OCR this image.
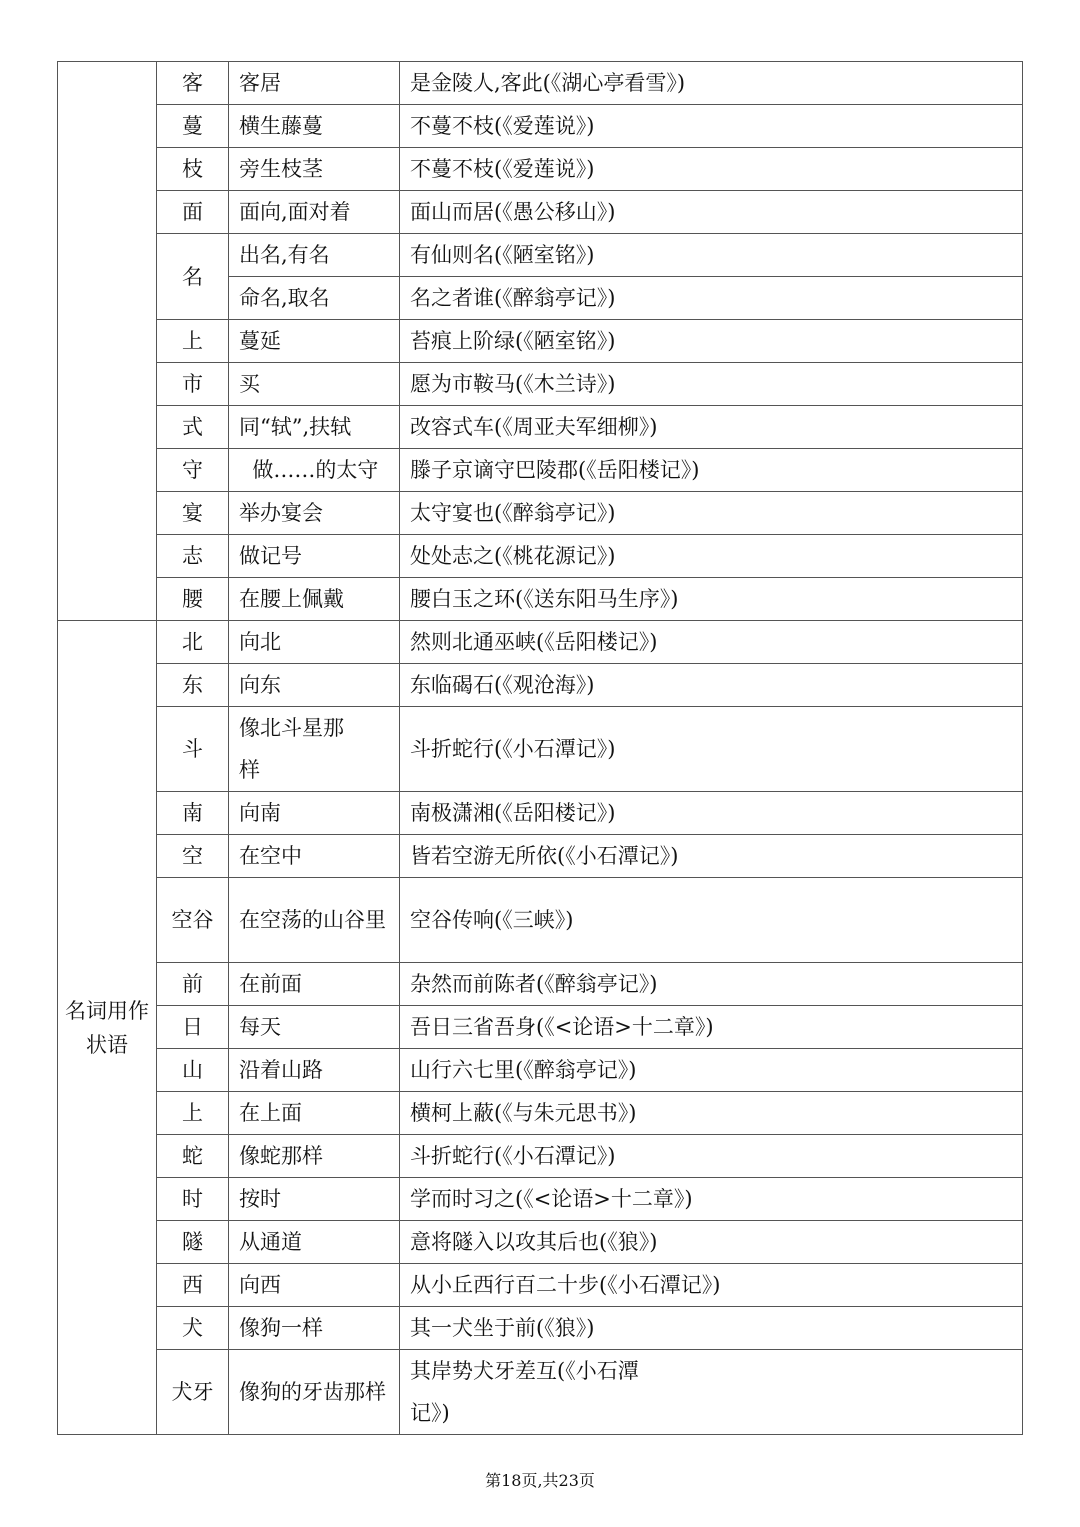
	客	客居	是金陵人,客此(《湖心亭看雪》)
	蔓	横生藤蔓	不蔓不枝(《爱莲说》)
	枝	旁生枝茎	不蔓不枝(《爱莲说》)
	面	面向,面对着	面山而居(《愚公移山》)
	名	出名,有名	有仙则名(《陋室铭》)
		命名,取名	名之者谁(《醉翁亭记》)
	上	蔓延	苔痕上阶绿(《陋室铭》)
	市	买	愿为市鞍马(《木兰诗》)
	式	同“轼”,扶轼	改容式车(《周亚夫军细柳》)
	守	做……的太守	滕子京谪守巴陵郡(《岳阳楼记》)
	宴	举办宴会	太守宴也(《醉翁亭记》)
	志	做记号	处处志之(《桃花源记》)
	腰	在腰上佩戴	腰白玉之环(《送东阳马生序》)
名词用作状语	北	向北	然则北通巫峡(《岳阳楼记》)
	东	向东	东临碣石(《观沧海》)
	斗	像北斗星那样	斗折蛇行(《小石潭记》)
	南	向南	南极潇湘(《岳阳楼记》)
	空	在空中	皆若空游无所依(《小石潭记》)
	空谷	在空荡的山谷里	空谷传响(《三峡》)
	前	在前面	杂然而前陈者(《醉翁亭记》)
	日	每天	吾日三省吾身(《<论语>十二章》)
	山	沿着山路	山行六七里(《醉翁亭记》)
	上	在上面	横柯上蔽(《与朱元思书》)
	蛇	像蛇那样	斗折蛇行(《小石潭记》)
	时	按时	学而时习之(《<论语>十二章》)
	隧	从通道	意将隧入以攻其后也(《狼》)
	西	向西	从小丘西行百二十步(《小石潭记》)
	犬	像狗一样	其一犬坐于前(《狼》)
	犬牙	像狗的牙齿那样	其岸势犬牙差互(《小石潭记》)
第18页,共23页
